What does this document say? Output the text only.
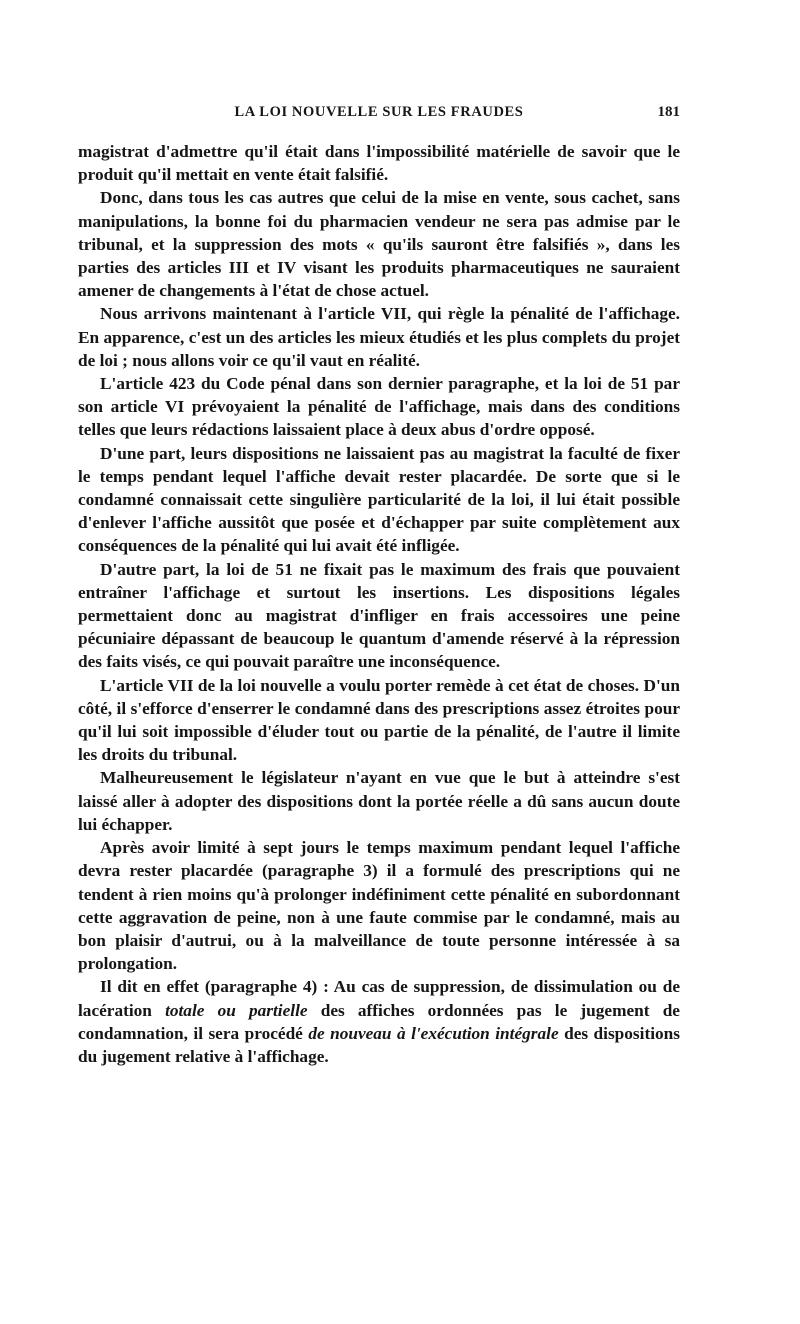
LA LOI NOUVELLE SUR LES FRAUDES	181

magistrat d'admettre qu'il était dans l'impossibilité matérielle de savoir que le produit qu'il mettait en vente était falsifié.

Donc, dans tous les cas autres que celui de la mise en vente, sous cachet, sans manipulations, la bonne foi du pharmacien vendeur ne sera pas admise par le tribunal, et la suppression des mots « qu'ils sauront être falsifiés », dans les parties des articles III et IV visant les produits pharmaceutiques ne sauraient amener de changements à l'état de chose actuel.

Nous arrivons maintenant à l'article VII, qui règle la pénalité de l'affichage. En apparence, c'est un des articles les mieux étudiés et les plus complets du projet de loi ; nous allons voir ce qu'il vaut en réalité.

L'article 423 du Code pénal dans son dernier paragraphe, et la loi de 51 par son article VI prévoyaient la pénalité de l'affichage, mais dans des conditions telles que leurs rédactions laissaient place à deux abus d'ordre opposé.

D'une part, leurs dispositions ne laissaient pas au magistrat la faculté de fixer le temps pendant lequel l'affiche devait rester placardée. De sorte que si le condamné connaissait cette singulière particularité de la loi, il lui était possible d'enlever l'affiche aussitôt que posée et d'échapper par suite complètement aux conséquences de la pénalité qui lui avait été infligée.

D'autre part, la loi de 51 ne fixait pas le maximum des frais que pouvaient entraîner l'affichage et surtout les insertions. Les dispositions légales permettaient donc au magistrat d'infliger en frais accessoires une peine pécuniaire dépassant de beaucoup le quantum d'amende réservé à la répression des faits visés, ce qui pouvait paraître une inconséquence.

L'article VII de la loi nouvelle a voulu porter remède à cet état de choses. D'un côté, il s'efforce d'enserrer le condamné dans des prescriptions assez étroites pour qu'il lui soit impossible d'éluder tout ou partie de la pénalité, de l'autre il limite les droits du tribunal.

Malheureusement le législateur n'ayant en vue que le but à atteindre s'est laissé aller à adopter des dispositions dont la portée réelle a dû sans aucun doute lui échapper.

Après avoir limité à sept jours le temps maximum pendant lequel l'affiche devra rester placardée (paragraphe 3) il a formulé des prescriptions qui ne tendent à rien moins qu'à prolonger indéfiniment cette pénalité en subordonnant cette aggravation de peine, non à une faute commise par le condamné, mais au bon plaisir d'autrui, ou à la malveillance de toute personne intéressée à sa prolongation.

Il dit en effet (paragraphe 4) : Au cas de suppression, de dissimulation ou de lacération totale ou partielle des affiches ordonnées pas le jugement de condamnation, il sera procédé de nouveau à l'exécution intégrale des dispositions du jugement relative à l'affichage.
